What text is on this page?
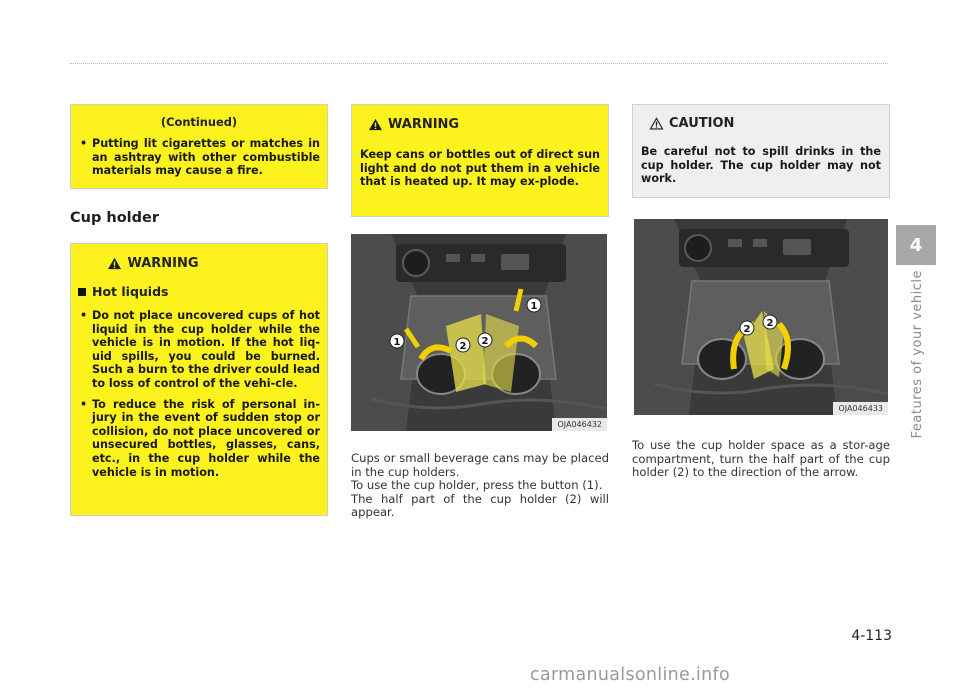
(Continued)
• Putting lit cigarettes or matches in an ashtray with other combustible materials may cause a fire.
Cup holder
WARNING
Hot liquids
• Do not place uncovered cups of hot liquid in the cup holder while the vehicle is in motion. If the hot liq-uid spills, you could be burned. Such a burn to the driver could lead to loss of control of the vehi-cle.
• To reduce the risk of personal in-jury in the event of sudden stop or collision, do not place uncovered or unsecured bottles, glasses, cans, etc., in the cup holder while the vehicle is in motion.
WARNING
Keep cans or bottles out of direct sun light and do not put them in a vehicle that is heated up. It may ex-plode.
CAUTION
Be careful not to spill drinks in the cup holder. The cup holder may not work.
1
1
2 2
OJA046432
2
2
OJA046433
Cups or small beverage cans may be placed in the cup holders.
To use the cup holder, press the button (1).
The half part of the cup holder (2) will appear.
To use the cup holder space as a stor-age compartment, turn the half part of the cup holder (2) to the direction of the arrow.
4
Features of your vehicle
4-113
carmanualsonline.info
